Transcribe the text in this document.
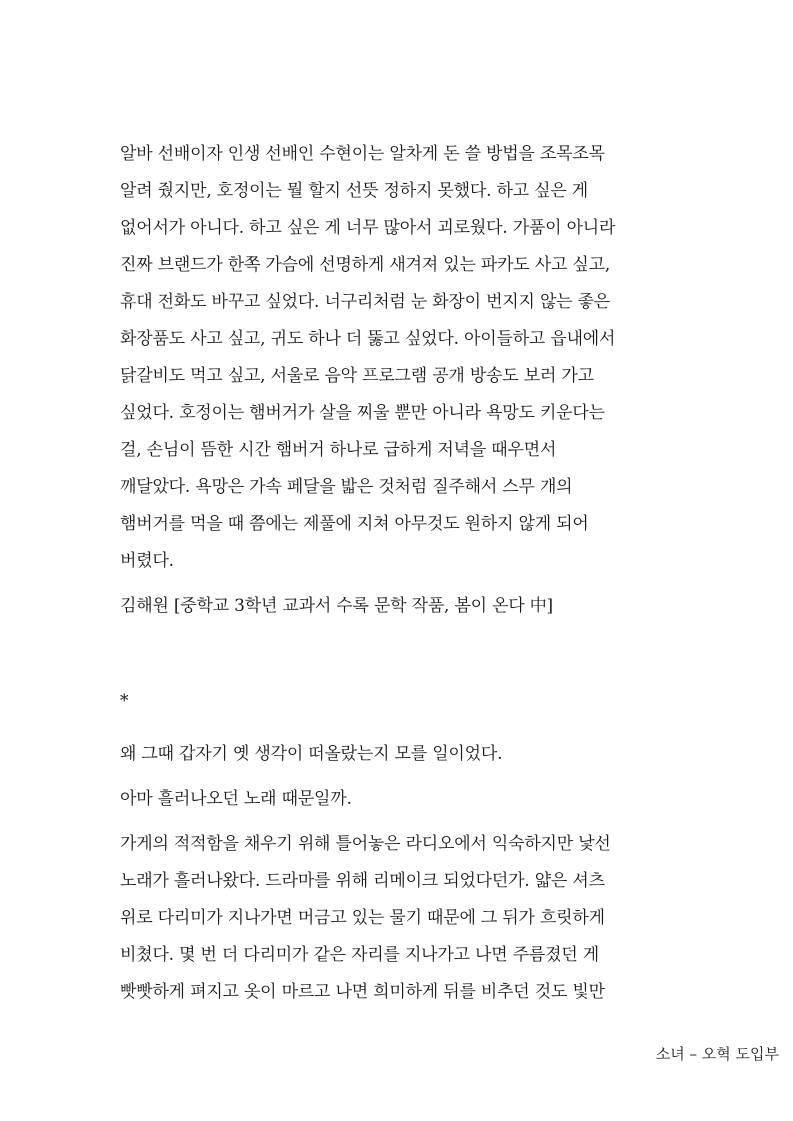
알바 선배이자 인생 선배인 수현이는 알차게 돈 쓸 방법을 조목조목
알려 줬지만, 호정이는 뭘 할지 선뜻 정하지 못했다. 하고 싶은 게
없어서가 아니다. 하고 싶은 게 너무 많아서 괴로웠다. 가품이 아니라
진짜 브랜드가 한쪽 가슴에 선명하게 새겨져 있는 파카도 사고 싶고,
휴대 전화도 바꾸고 싶었다. 너구리처럼 눈 화장이 번지지 않는 좋은
화장품도 사고 싶고, 귀도 하나 더 뚫고 싶었다. 아이들하고 읍내에서
닭갈비도 먹고 싶고, 서울로 음악 프로그램 공개 방송도 보러 가고
싶었다. 호정이는 햄버거가 살을 찌울 뿐만 아니라 욕망도 키운다는
걸, 손님이 뜸한 시간 햄버거 하나로 급하게 저녁을 때우면서
깨달았다. 욕망은 가속 페달을 밟은 것처럼 질주해서 스무 개의
햄버거를 먹을 때 쯤에는 제풀에 지쳐 아무것도 원하지 않게 되어
버렸다.

김해원 [중학교 3학년 교과서 수록 문학 작품, 봄이 온다 中]

*

왜 그때 갑자기 옛 생각이 떠올랐는지 모를 일이었다.

아마 흘러나오던 노래 때문일까.

가게의 적적함을 채우기 위해 틀어놓은 라디오에서 익숙하지만 낯선
노래가 흘러나왔다. 드라마를 위해 리메이크 되었다던가. 얇은 셔츠
위로 다리미가 지나가면 머금고 있는 물기 때문에 그 뒤가 흐릿하게
비쳤다. 몇 번 더 다리미가 같은 자리를 지나가고 나면 주름졌던 게
빳빳하게 펴지고 옷이 마르고 나면 희미하게 뒤를 비추던 것도 빛만

소녀 – 오혁 도입부
